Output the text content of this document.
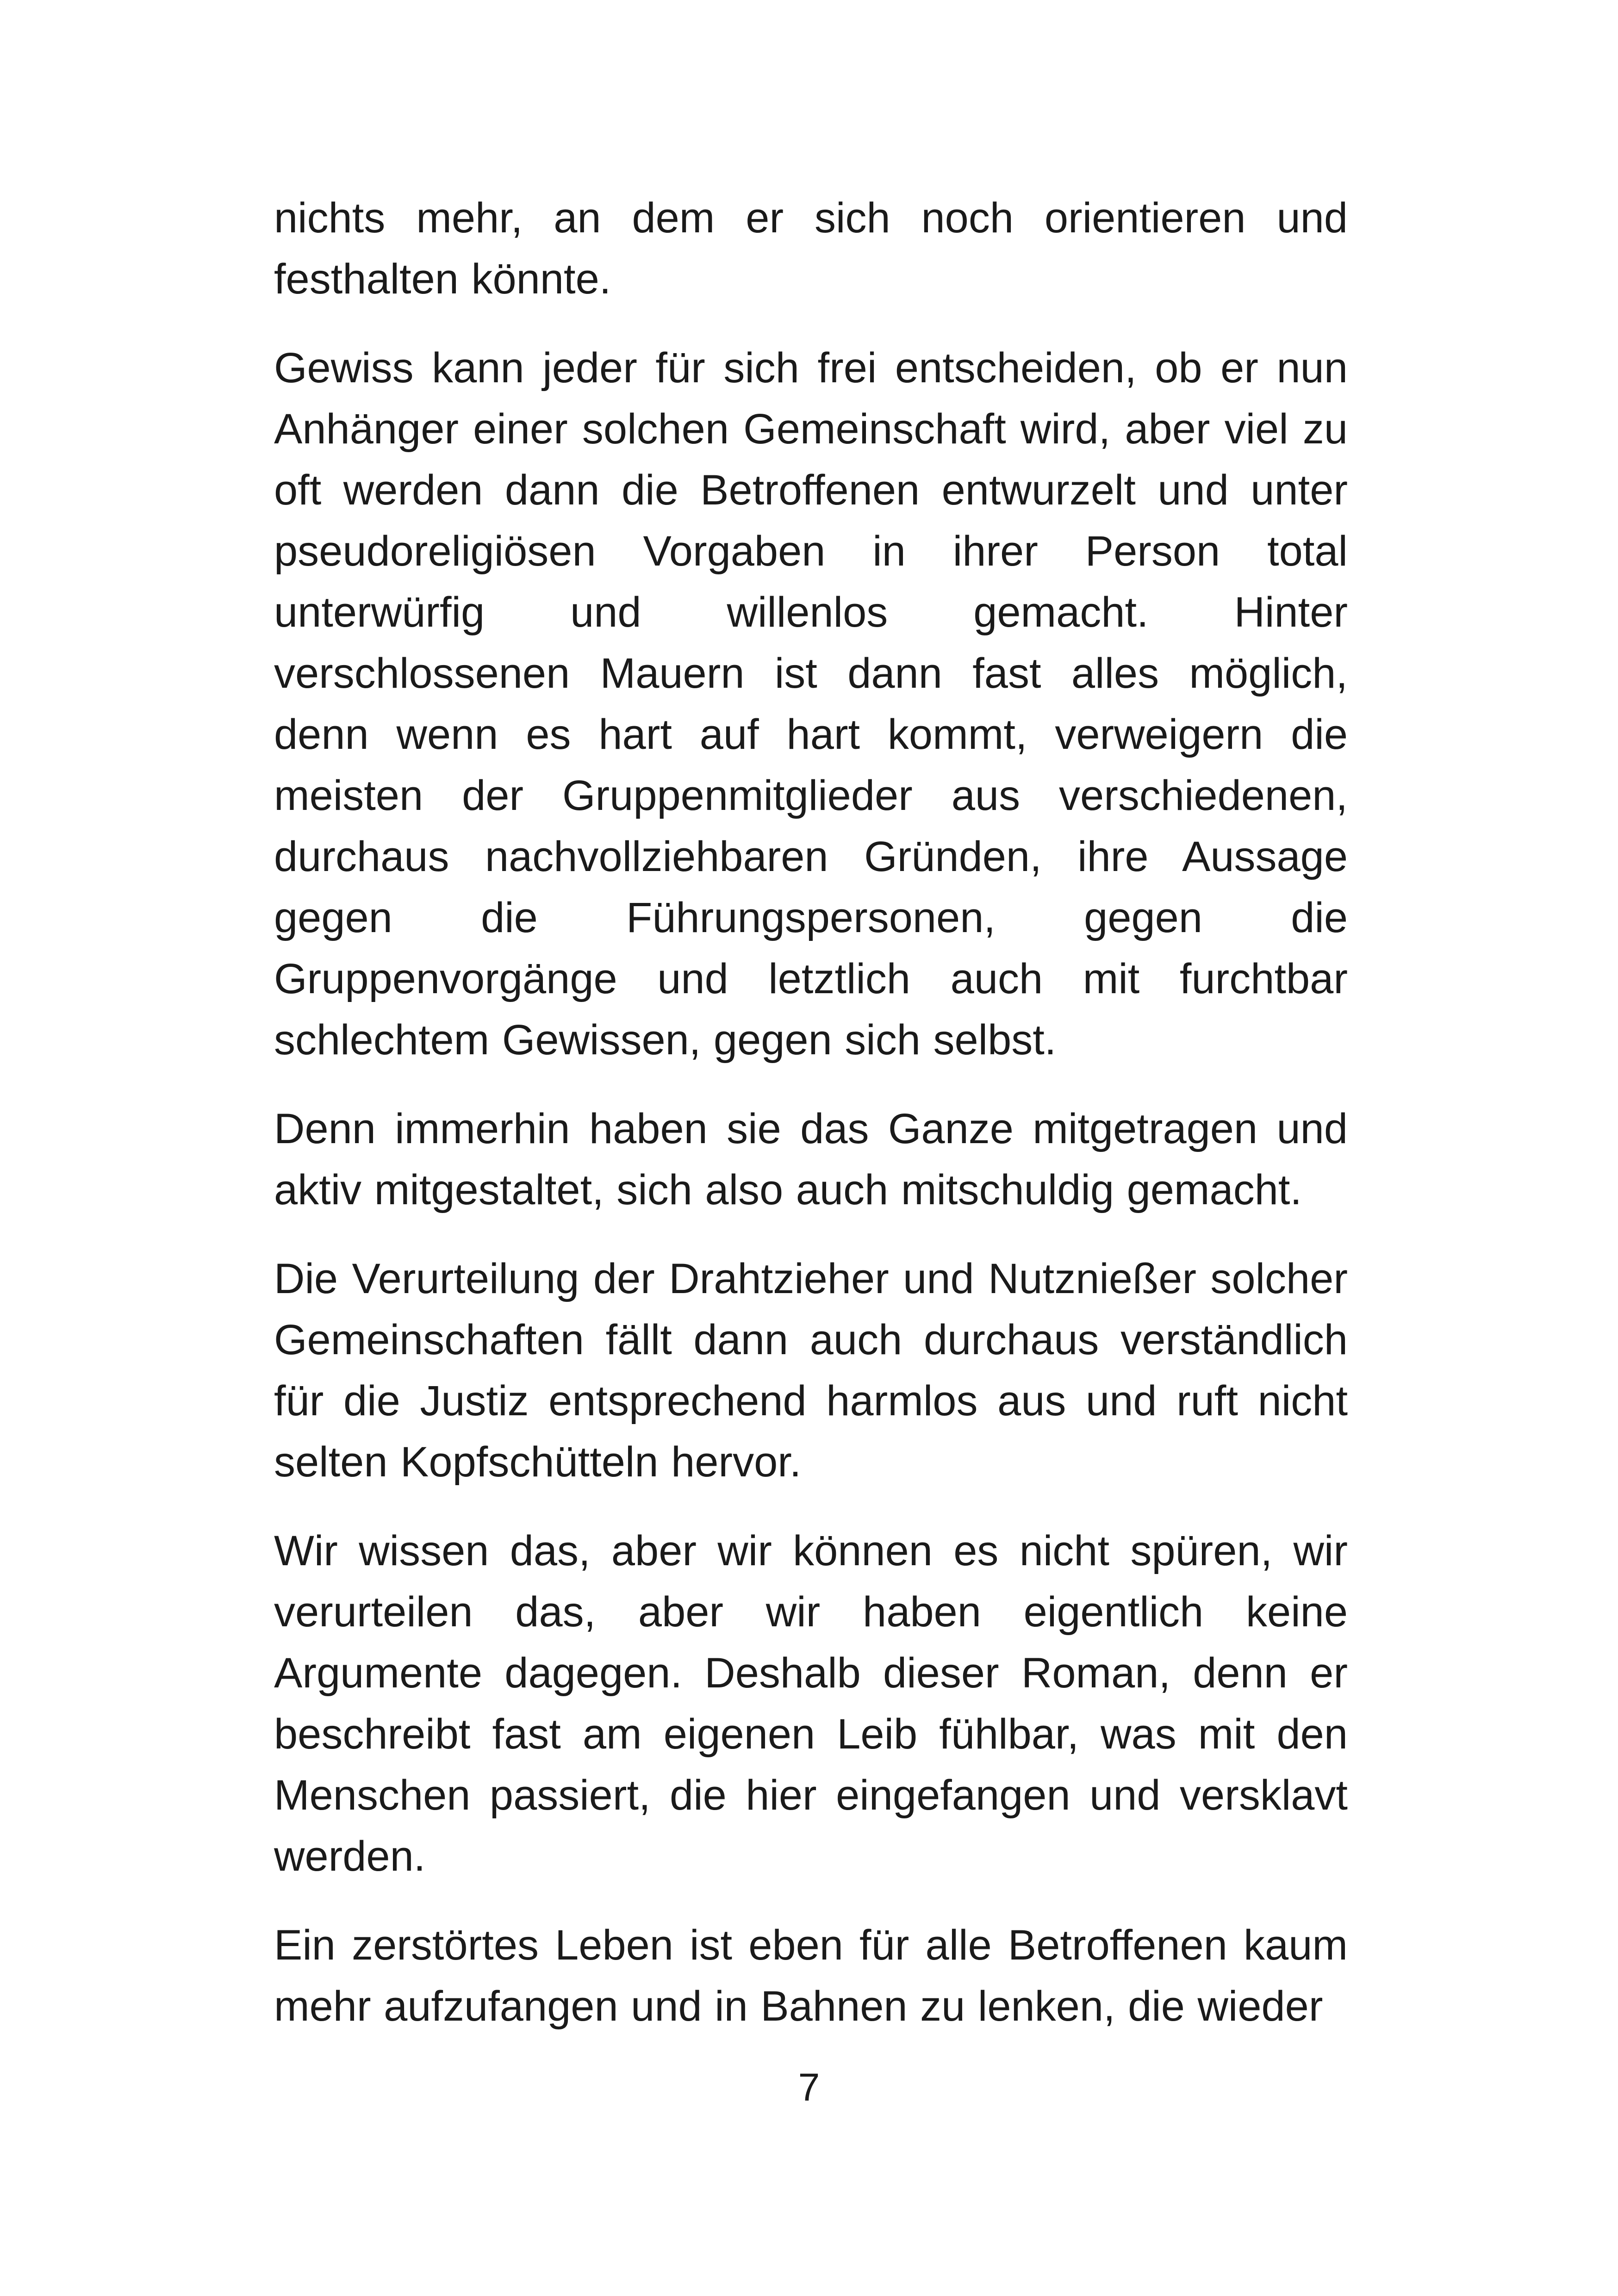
nichts mehr, an dem er sich noch orientieren und festhalten könnte.

Gewiss kann jeder für sich frei entscheiden, ob er nun Anhänger einer solchen Gemeinschaft wird, aber viel zu oft werden dann die Betroffenen entwurzelt und unter pseudoreligiösen Vorgaben in ihrer Person total unterwürfig und willenlos gemacht. Hinter verschlossenen Mauern ist dann fast alles möglich, denn wenn es hart auf hart kommt, verweigern die meisten der Gruppenmitglieder aus verschiedenen, durchaus nachvollziehbaren Gründen, ihre Aussage gegen die Führungspersonen, gegen die Gruppenvorgänge und letztlich auch mit furchtbar schlechtem Gewissen, gegen sich selbst.

Denn immerhin haben sie das Ganze mitgetragen und aktiv mitgestaltet, sich also auch mitschuldig gemacht.

Die Verurteilung der Drahtzieher und Nutznießer solcher Gemeinschaften fällt dann auch durchaus verständlich für die Justiz entsprechend harmlos aus und ruft nicht selten Kopfschütteln hervor.

Wir wissen das, aber wir können es nicht spüren, wir verurteilen das, aber wir haben eigentlich keine Argumente dagegen. Deshalb dieser Roman, denn er beschreibt fast am eigenen Leib fühlbar, was mit den Menschen passiert, die hier eingefangen und versklavt werden.

Ein zerstörtes Leben ist eben für alle Betroffenen kaum mehr aufzufangen und in Bahnen zu lenken, die wieder

7
